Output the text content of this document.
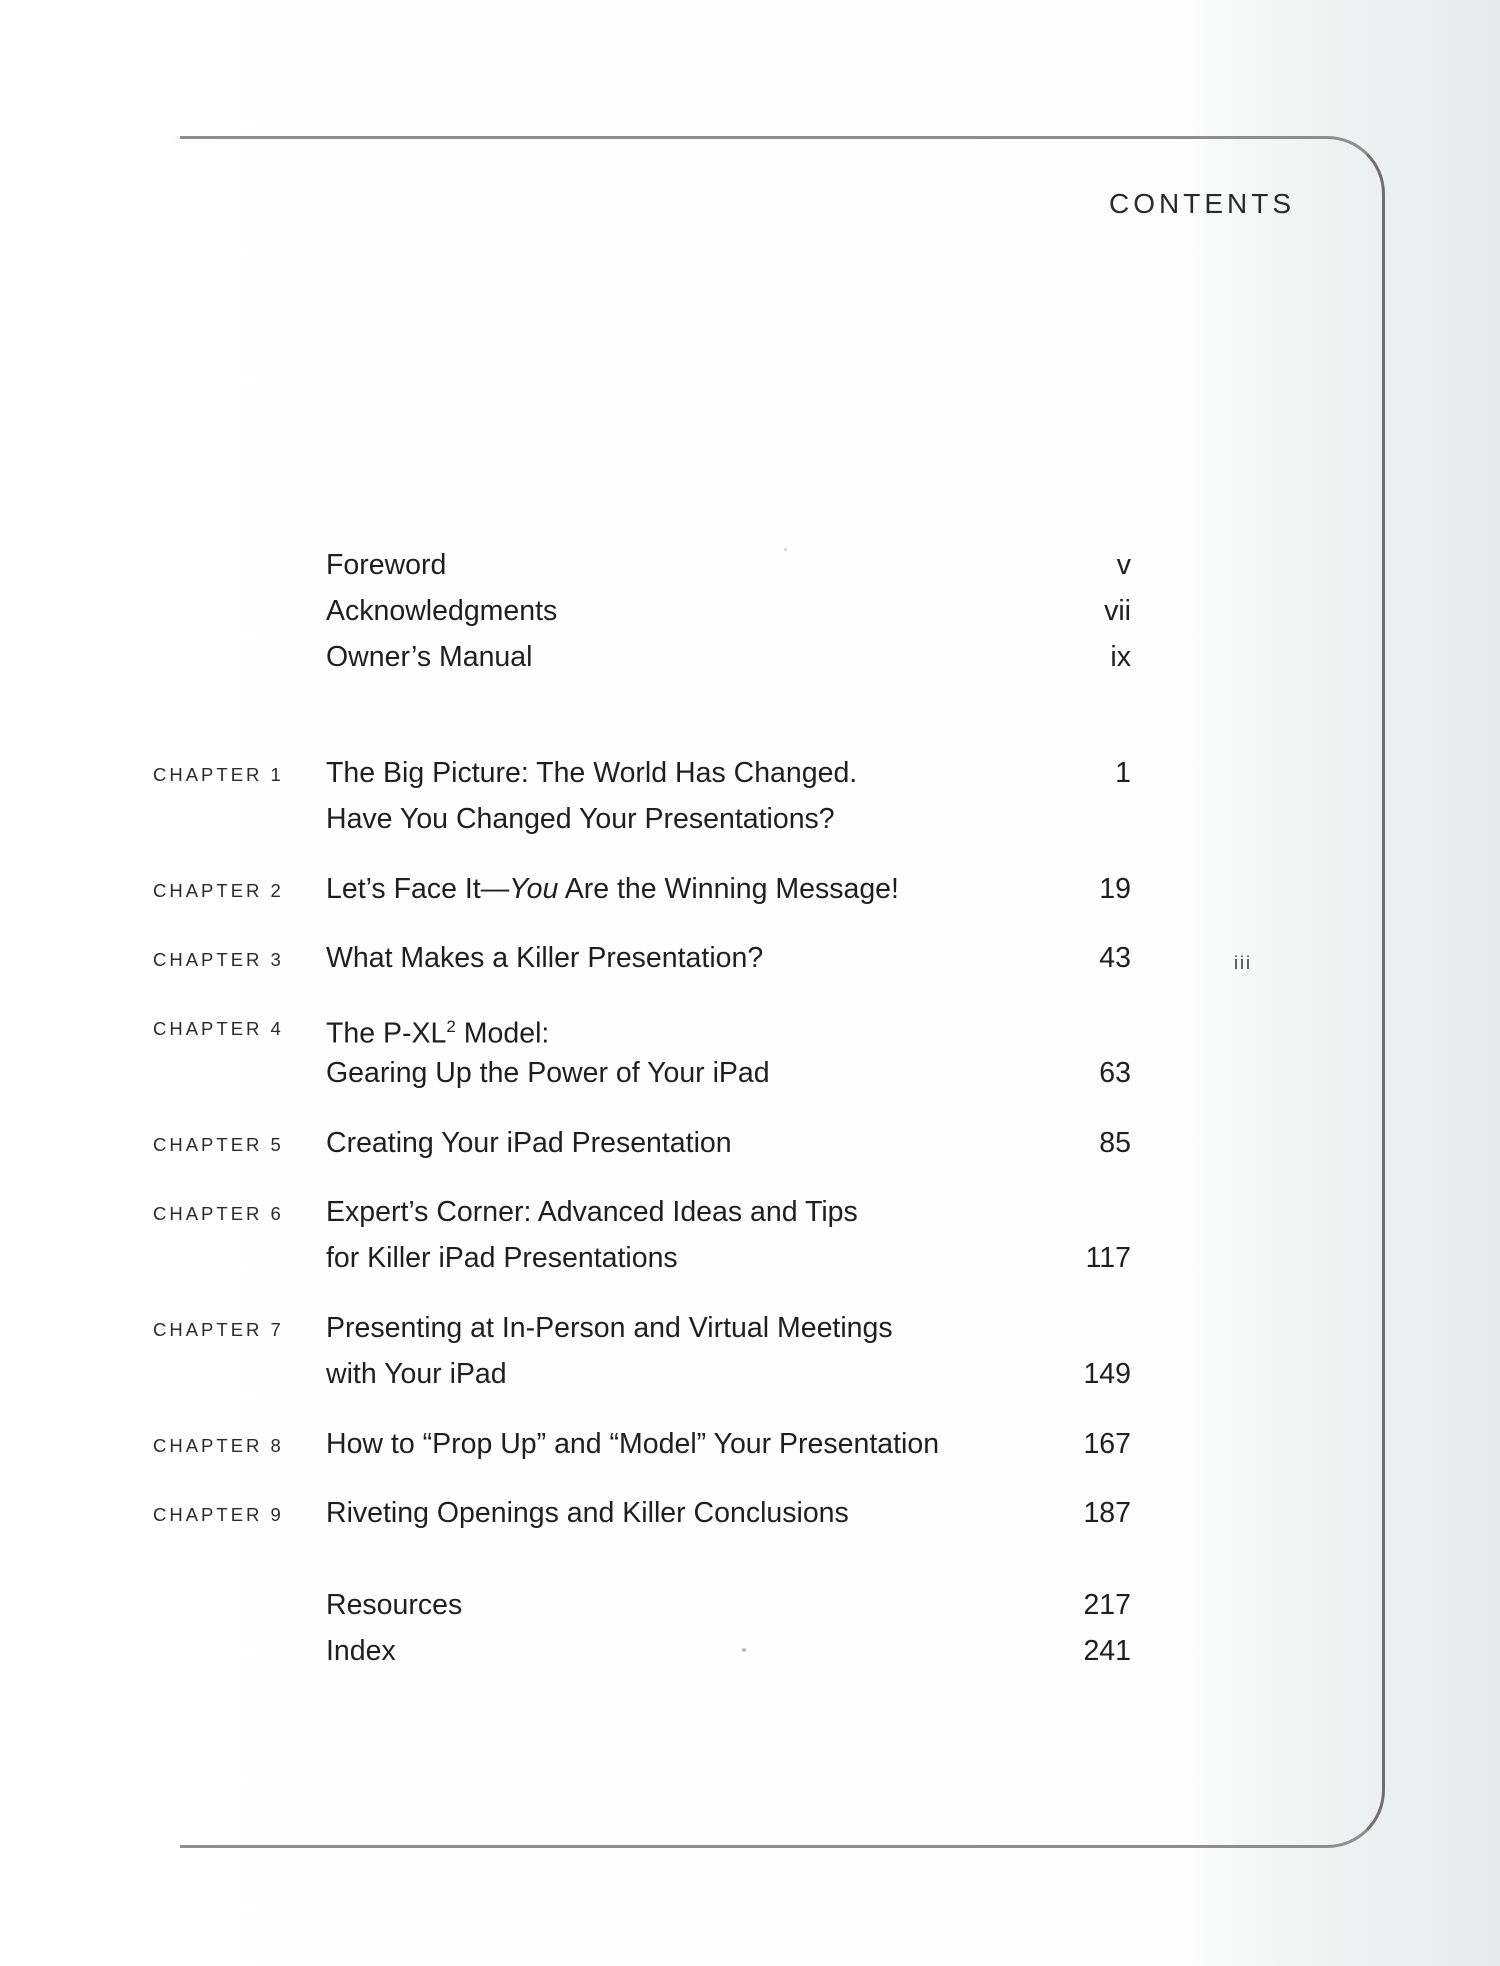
CONTENTS
Foreword	v
Acknowledgments	vii
Owner’s Manual	ix
CHAPTER 1 The Big Picture: The World Has Changed.	1
Have You Changed Your Presentations?
CHAPTER 2 Let’s Face It—You Are the Winning Message!	19
CHAPTER 3 What Makes a Killer Presentation?	43
CHAPTER 4 The $P-XL^2$ Model:
Gearing Up the Power of Your iPad	63
CHAPTER 5 Creating Your iPad Presentation	85
CHAPTER 6 Expert’s Corner: Advanced Ideas and Tips
for Killer iPad Presentations	117
CHAPTER 7 Presenting at In-Person and Virtual Meetings
with Your iPad	149
CHAPTER 8 How to “Prop Up” and “Model” Your Presentation	167
CHAPTER 9 Riveting Openings and Killer Conclusions	187
Resources	217
Index	241
iii
